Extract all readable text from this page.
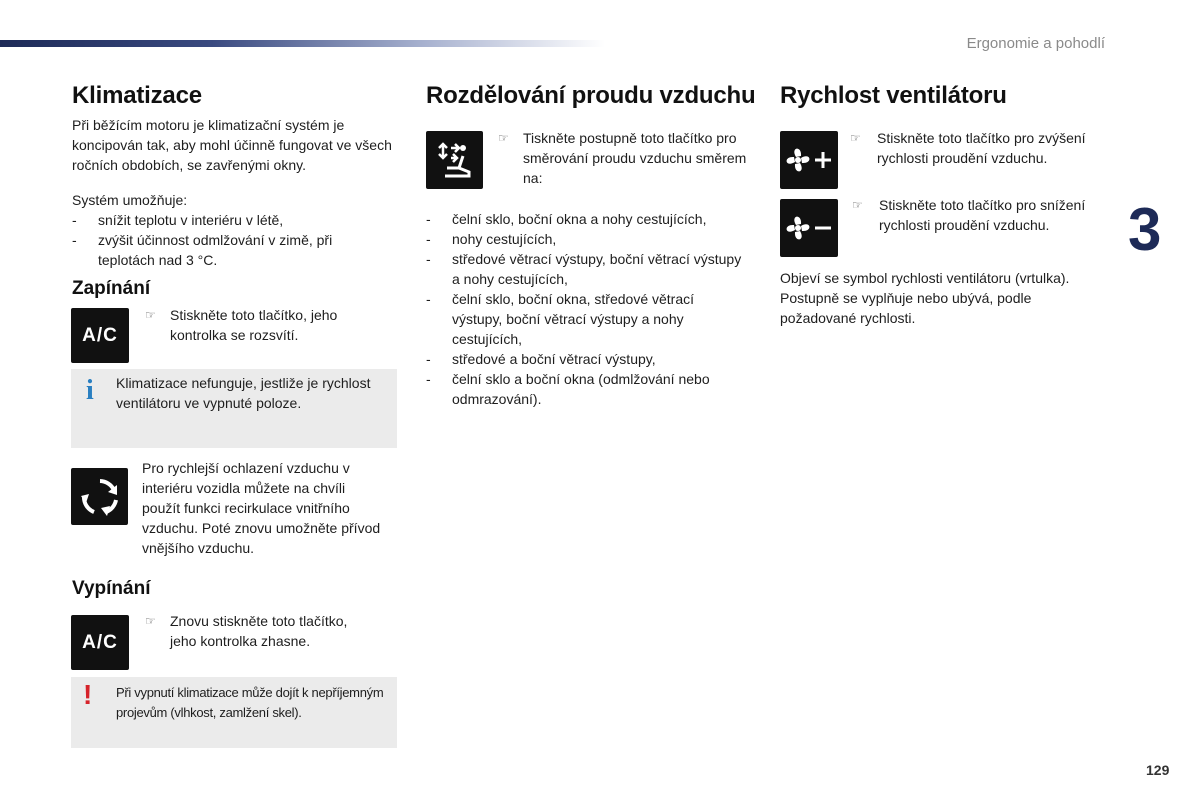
Ergonomie a pohodlí
Klimatizace

Při běžícím motoru je klimatizační systém je koncipován tak, aby mohl účinně fungovat ve všech ročních obdobích, se zavřenými okny.

Systém umožňuje:

- snížit teplotu v interiéru v létě,
- zvýšit účinnost odmlžování v zimě, při teplotách nad 3 °C.
Zapínání
A/C
☞	Stiskněte toto tlačítko, jeho kontrolka se rozsvítí.

i Klimatizace nefunguje, jestliže je rychlost ventilátoru ve vypnuté poloze.

Pro rychlejší ochlazení vzduchu v interiéru vozidla můžete na chvíli použít funkci recirkulace vnitřního vzduchu. Poté znovu umožněte přívod vnějšího vzduchu.

Vypínání
A/C
☞	Znovu stiskněte toto tlačítko, jeho kontrolka zhasne.

! Při vypnutí klimatizace může dojít k nepříjemným projevům (vlhkost, zamlžení skel).

Rozdělování proudu vzduchu
☞	Tiskněte postupně toto tlačítko pro směrování proudu vzduchu směrem na:

- čelní sklo, boční okna a nohy cestujících,
- nohy cestujících,
- středové větrací výstupy, boční větrací výstupy a nohy cestujících,
- čelní sklo, boční okna, středové větrací výstupy, boční větrací výstupy a nohy cestujících,
- středové a boční větrací výstupy,
- čelní sklo a boční okna (odmlžování nebo odmrazování).
Rychlost ventilátoru
☞	Stiskněte toto tlačítko pro zvýšení rychlosti proudění vzduchu.

☞	Stiskněte toto tlačítko pro snížení rychlosti proudění vzduchu.

Objeví se symbol rychlosti ventilátoru (vrtulka). Postupně se vyplňuje nebo ubývá, podle požadované rychlosti.

3
129
